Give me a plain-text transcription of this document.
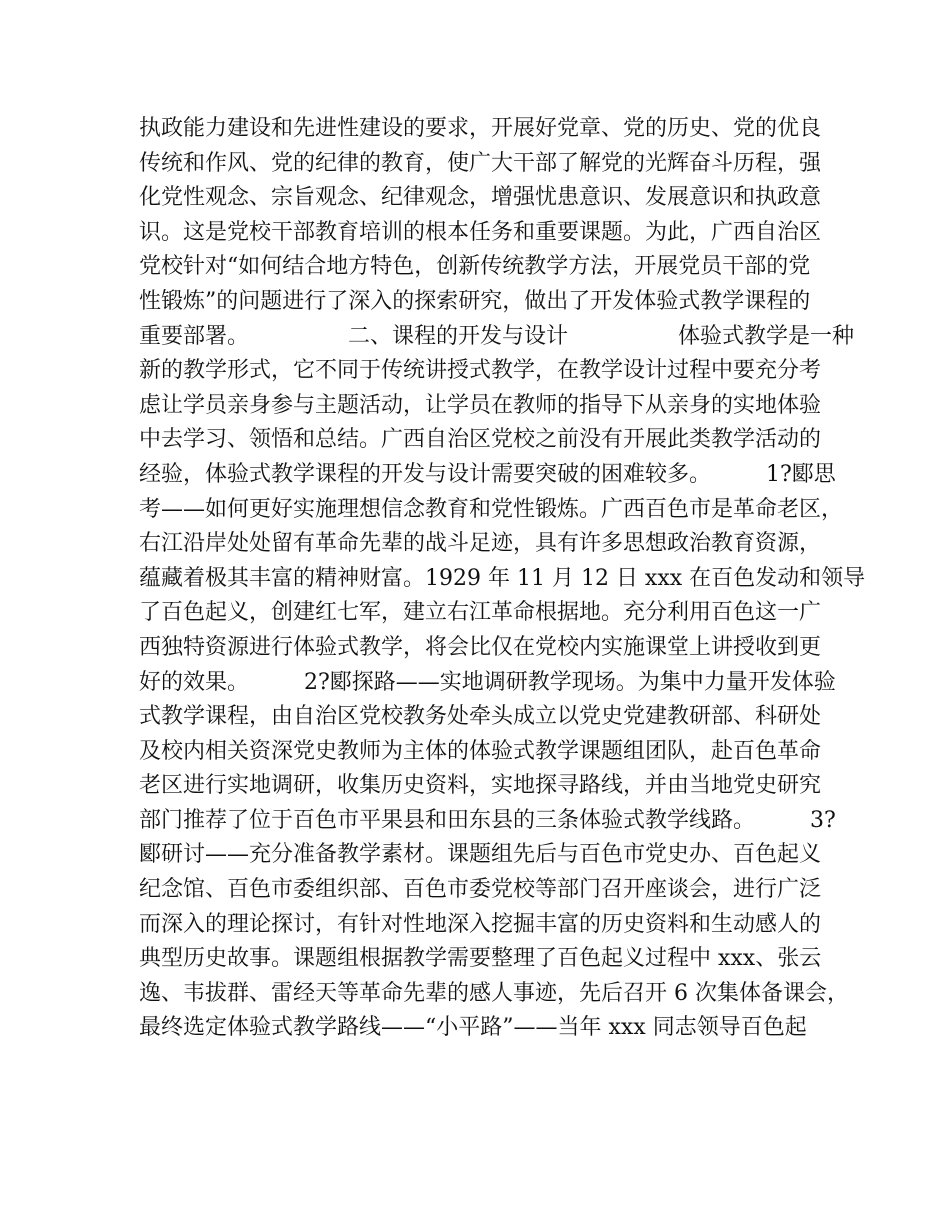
执政能力建设和先进性建设的要求，开展好党章、党的历史、党的优良
传统和作风、党的纪律的教育，使广大干部了解党的光辉奋斗历程，强
化党性观念、宗旨观念、纪律观念，增强忧患意识、发展意识和执政意
识。这是党校干部教育培训的根本任务和重要课题。为此，广西自治区
党校针对“如何结合地方特色，创新传统教学方法，开展党员干部的党
性锻炼”的问题进行了深入的探索研究，做出了开发体验式教学课程的
重要部署。　　　　　二、课程的开发与设计　　　　　体验式教学是一种
新的教学形式，它不同于传统讲授式教学，在教学设计过程中要充分考
虑让学员亲身参与主题活动，让学员在教师的指导下从亲身的实地体验
中去学习、领悟和总结。广西自治区党校之前没有开展此类教学活动的
经验，体验式教学课程的开发与设计需要突破的困难较多。　　　1?郾思
考——如何更好实施理想信念教育和党性锻炼。广西百色市是革命老区，
右江沿岸处处留有革命先辈的战斗足迹，具有许多思想政治教育资源，
蕴藏着极其丰富的精神财富。1929 年 11 月 12 日 xxx 在百色发动和领导
了百色起义，创建红七军，建立右江革命根据地。充分利用百色这一广
西独特资源进行体验式教学，将会比仅在党校内实施课堂上讲授收到更
好的效果。　　　2?郾探路——实地调研教学现场。为集中力量开发体验
式教学课程，由自治区党校教务处牵头成立以党史党建教研部、科研处
及校内相关资深党史教师为主体的体验式教学课题组团队，赴百色革命
老区进行实地调研，收集历史资料，实地探寻路线，并由当地党史研究
部门推荐了位于百色市平果县和田东县的三条体验式教学线路。　　　3?
郾研讨——充分准备教学素材。课题组先后与百色市党史办、百色起义
纪念馆、百色市委组织部、百色市委党校等部门召开座谈会，进行广泛
而深入的理论探讨，有针对性地深入挖掘丰富的历史资料和生动感人的
典型历史故事。课题组根据教学需要整理了百色起义过程中 xxx、张云
逸、韦拔群、雷经天等革命先辈的感人事迹，先后召开 6 次集体备课会，
最终选定体验式教学路线——“小平路”——当年 xxx 同志领导百色起
